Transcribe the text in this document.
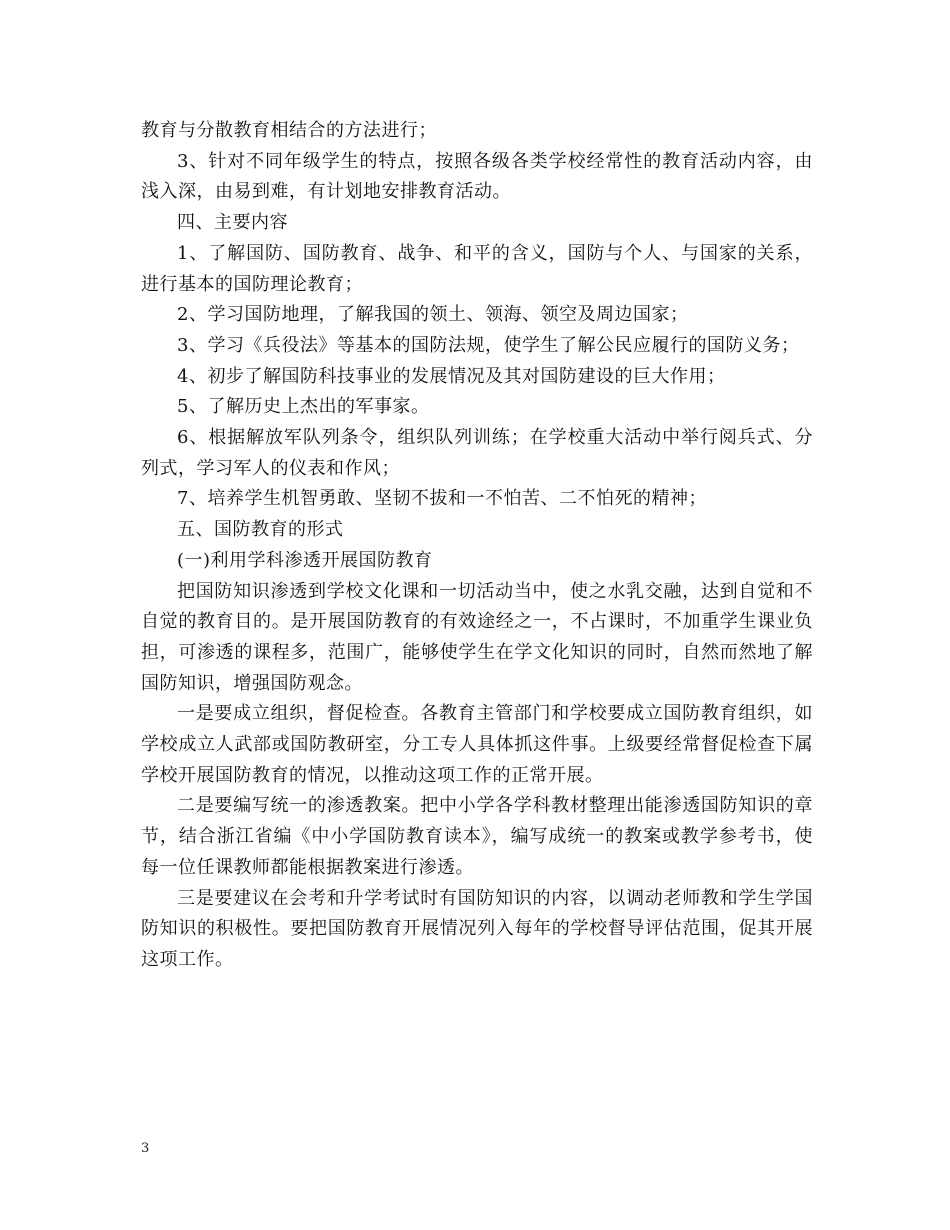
教育与分散教育相结合的方法进行；

3、针对不同年级学生的特点，按照各级各类学校经常性的教育活动内容，由浅入深，由易到难，有计划地安排教育活动。

四、主要内容

1、了解国防、国防教育、战争、和平的含义，国防与个人、与国家的关系，进行基本的国防理论教育；

2、学习国防地理，了解我国的领土、领海、领空及周边国家；

3、学习《兵役法》等基本的国防法规，使学生了解公民应履行的国防义务；

4、初步了解国防科技事业的发展情况及其对国防建设的巨大作用；

5、了解历史上杰出的军事家。

6、根据解放军队列条令，组织队列训练；在学校重大活动中举行阅兵式、分列式，学习军人的仪表和作风；

7、培养学生机智勇敢、坚韧不拔和一不怕苦、二不怕死的精神；

五、国防教育的形式

(一)利用学科渗透开展国防教育

把国防知识渗透到学校文化课和一切活动当中，使之水乳交融，达到自觉和不自觉的教育目的。是开展国防教育的有效途经之一，不占课时，不加重学生课业负担，可渗透的课程多，范围广，能够使学生在学文化知识的同时，自然而然地了解国防知识，增强国防观念。

一是要成立组织，督促检查。各教育主管部门和学校要成立国防教育组织，如学校成立人武部或国防教研室，分工专人具体抓这件事。上级要经常督促检查下属学校开展国防教育的情况，以推动这项工作的正常开展。

二是要编写统一的渗透教案。把中小学各学科教材整理出能渗透国防知识的章节，结合浙江省编《中小学国防教育读本》，编写成统一的教案或教学参考书，使每一位任课教师都能根据教案进行渗透。

三是要建议在会考和升学考试时有国防知识的内容，以调动老师教和学生学国防知识的积极性。要把国防教育开展情况列入每年的学校督导评估范围，促其开展这项工作。

3
